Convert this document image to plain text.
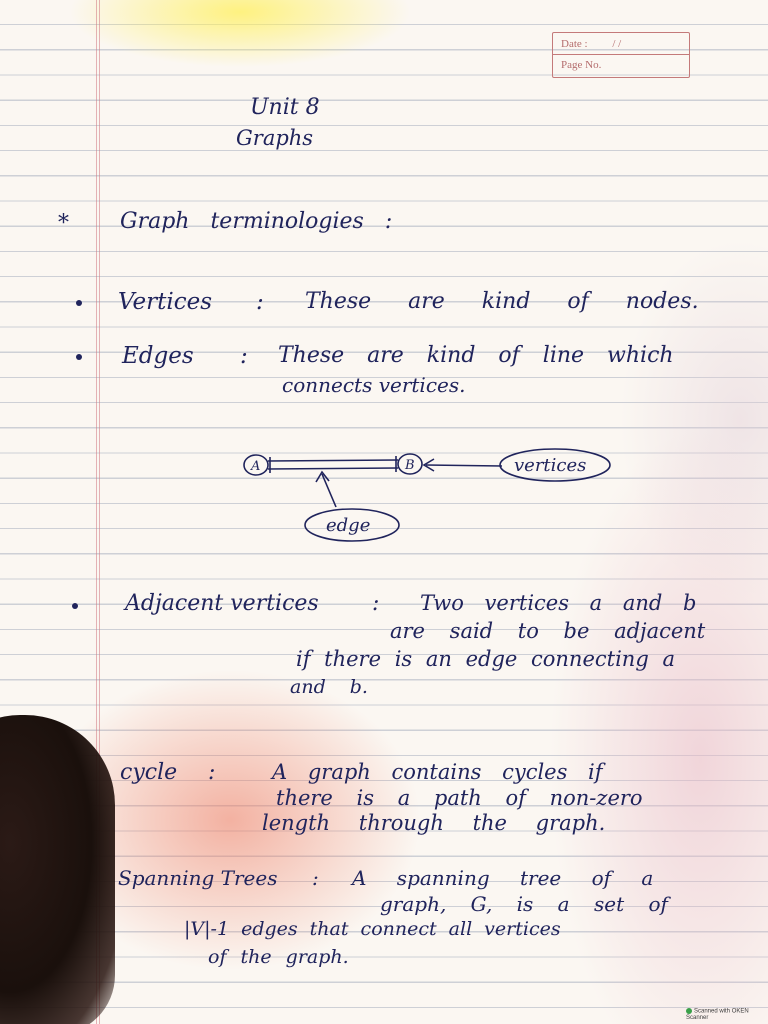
Date : / /
Page No.

Unit 8

Graphs

* Graph terminologies :

Vertices : These are kind of nodes.

Edges : These are kind of line which

connects vertices.

A	B	vertices
edge

Adjacent vertices : Two vertices a and b

are said to be adjacent

if there is an edge connecting a

and b.

cycle :	A graph contains cycles if

there is a path of non-zero

length through the graph.

Spanning Trees : A spanning tree of a

graph, G, is a set of

|V|-1 edges that connect all vertices

of the graph.

Scanned with OKEN Scanner
